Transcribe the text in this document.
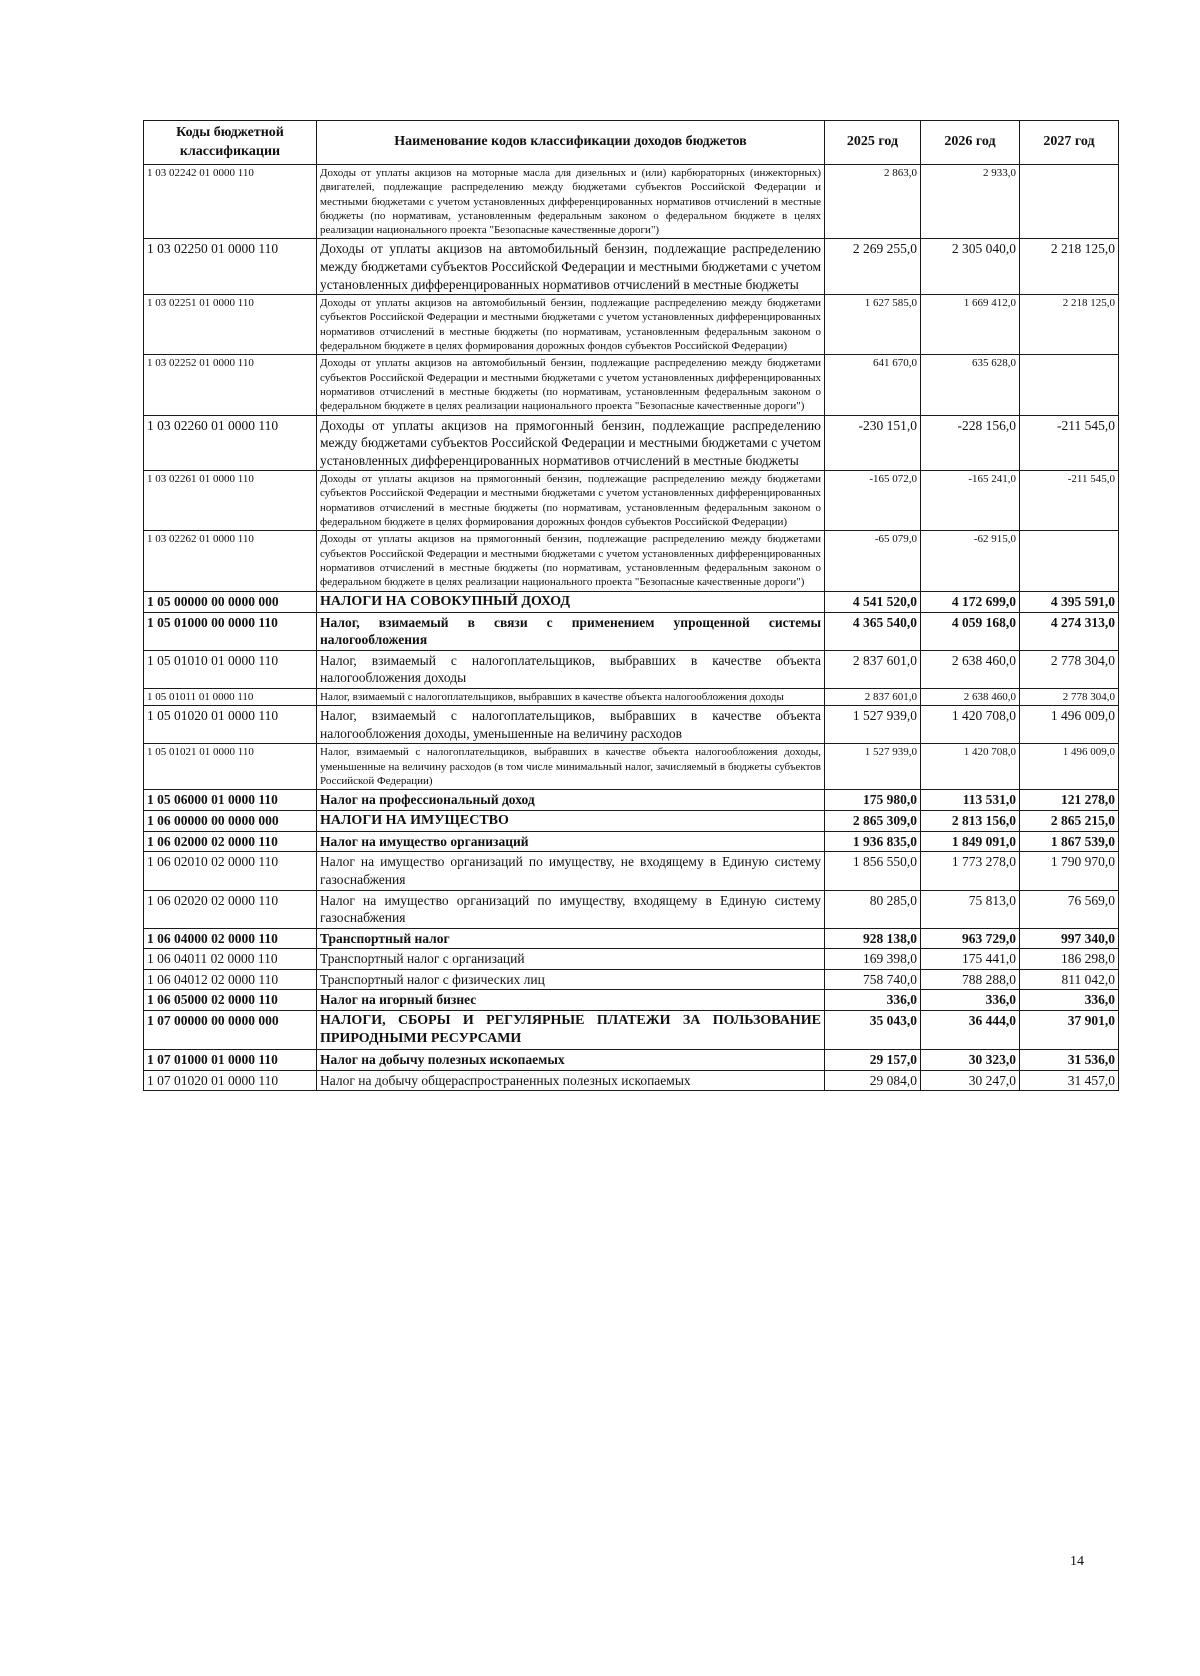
Коды бюджетной классификации	Наименование кодов классификации доходов бюджетов	2025 год	2026 год	2027 год
1 03 02242 01 0000 110	Доходы от уплаты акцизов на моторные масла для дизельных и (или) карбюраторных (инжекторных) двигателей, подлежащие распределению между бюджетами субъектов Российской Федерации и местными бюджетами с учетом установленных дифференцированных нормативов отчислений в местные бюджеты (по нормативам, установленным федеральным законом о федеральном бюджете в целях реализации национального проекта "Безопасные качественные дороги")	2 863,0	2 933,0	
1 03 02250 01 0000 110	Доходы от уплаты акцизов на автомобильный бензин, подлежащие распределению между бюджетами субъектов Российской Федерации и местными бюджетами с учетом установленных дифференцированных нормативов отчислений в местные бюджеты	2 269 255,0	2 305 040,0	2 218 125,0
1 03 02251 01 0000 110	Доходы от уплаты акцизов на автомобильный бензин, подлежащие распределению между бюджетами субъектов Российской Федерации и местными бюджетами с учетом установленных дифференцированных нормативов отчислений в местные бюджеты (по нормативам, установленным федеральным законом о федеральном бюджете в целях формирования дорожных фондов субъектов Российской Федерации)	1 627 585,0	1 669 412,0	2 218 125,0
1 03 02252 01 0000 110	Доходы от уплаты акцизов на автомобильный бензин, подлежащие распределению между бюджетами субъектов Российской Федерации и местными бюджетами с учетом установленных дифференцированных нормативов отчислений в местные бюджеты (по нормативам, установленным федеральным законом о федеральном бюджете в целях реализации национального проекта "Безопасные качественные дороги")	641 670,0	635 628,0	
1 03 02260 01 0000 110	Доходы от уплаты акцизов на прямогонный бензин, подлежащие распределению между бюджетами субъектов Российской Федерации и местными бюджетами с учетом установленных дифференцированных нормативов отчислений в местные бюджеты	-230 151,0	-228 156,0	-211 545,0
1 03 02261 01 0000 110	Доходы от уплаты акцизов на прямогонный бензин, подлежащие распределению между бюджетами субъектов Российской Федерации и местными бюджетами с учетом установленных дифференцированных нормативов отчислений в местные бюджеты (по нормативам, установленным федеральным законом о федеральном бюджете в целях формирования дорожных фондов субъектов Российской Федерации)	-165 072,0	-165 241,0	-211 545,0
1 03 02262 01 0000 110	Доходы от уплаты акцизов на прямогонный бензин, подлежащие распределению между бюджетами субъектов Российской Федерации и местными бюджетами с учетом установленных дифференцированных нормативов отчислений в местные бюджеты (по нормативам, установленным федеральным законом о федеральном бюджете в целях реализации национального проекта "Безопасные качественные дороги")	-65 079,0	-62 915,0	
1 05 00000 00 0000 000	НАЛОГИ НА СОВОКУПНЫЙ ДОХОД	4 541 520,0	4 172 699,0	4 395 591,0
1 05 01000 00 0000 110	Налог, взимаемый в связи с применением упрощенной системы налогообложения	4 365 540,0	4 059 168,0	4 274 313,0
1 05 01010 01 0000 110	Налог, взимаемый с налогоплательщиков, выбравших в качестве объекта налогообложения доходы	2 837 601,0	2 638 460,0	2 778 304,0
1 05 01011 01 0000 110	Налог, взимаемый с налогоплательщиков, выбравших в качестве объекта налогообложения доходы	2 837 601,0	2 638 460,0	2 778 304,0
1 05 01020 01 0000 110	Налог, взимаемый с налогоплательщиков, выбравших в качестве объекта налогообложения доходы, уменьшенные на величину расходов	1 527 939,0	1 420 708,0	1 496 009,0
1 05 01021 01 0000 110	Налог, взимаемый с налогоплательщиков, выбравших в качестве объекта налогообложения доходы, уменьшенные на величину расходов (в том числе минимальный налог, зачисляемый в бюджеты субъектов Российской Федерации)	1 527 939,0	1 420 708,0	1 496 009,0
1 05 06000 01 0000 110	Налог на профессиональный доход	175 980,0	113 531,0	121 278,0
1 06 00000 00 0000 000	НАЛОГИ НА ИМУЩЕСТВО	2 865 309,0	2 813 156,0	2 865 215,0
1 06 02000 02 0000 110	Налог на имущество организаций	1 936 835,0	1 849 091,0	1 867 539,0
1 06 02010 02 0000 110	Налог на имущество организаций по имуществу, не входящему в Единую систему газоснабжения	1 856 550,0	1 773 278,0	1 790 970,0
1 06 02020 02 0000 110	Налог на имущество организаций по имуществу, входящему в Единую систему газоснабжения	80 285,0	75 813,0	76 569,0
1 06 04000 02 0000 110	Транспортный налог	928 138,0	963 729,0	997 340,0
1 06 04011 02 0000 110	Транспортный налог с организаций	169 398,0	175 441,0	186 298,0
1 06 04012 02 0000 110	Транспортный налог с физических лиц	758 740,0	788 288,0	811 042,0
1 06 05000 02 0000 110	Налог на игорный бизнес	336,0	336,0	336,0
1 07 00000 00 0000 000	НАЛОГИ, СБОРЫ И РЕГУЛЯРНЫЕ ПЛАТЕЖИ ЗА ПОЛЬЗОВАНИЕ ПРИРОДНЫМИ РЕСУРСАМИ	35 043,0	36 444,0	37 901,0
1 07 01000 01 0000 110	Налог на добычу полезных ископаемых	29 157,0	30 323,0	31 536,0
1 07 01020 01 0000 110	Налог на добычу общераспространенных полезных ископаемых	29 084,0	30 247,0	31 457,0
14
